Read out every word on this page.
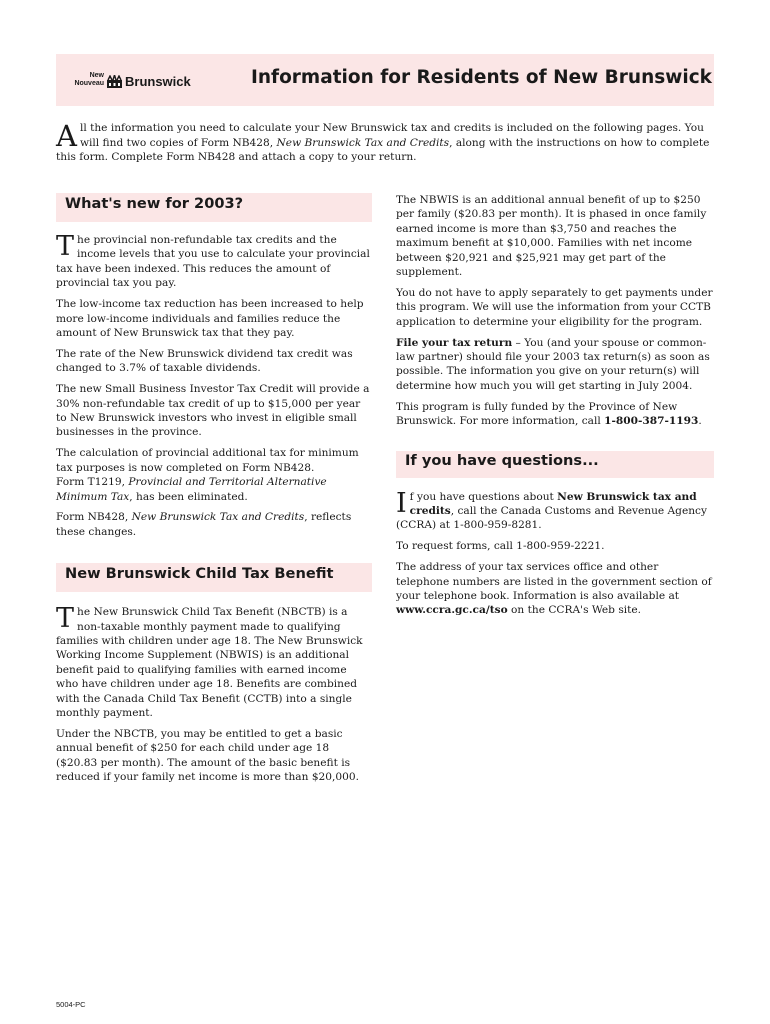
New
Nouveau Brunswick	Information for Residents of New Brunswick
All the information you need to calculate your New Brunswick tax and credits is included on the following pages. You will find two copies of Form NB428, New Brunswick Tax and Credits, along with the instructions on how to complete this form. Complete Form NB428 and attach a copy to your return.
What's new for 2003?

The provincial non-refundable tax credits and the income levels that you use to calculate your provincial tax have been indexed. This reduces the amount of provincial tax you pay.

The low-income tax reduction has been increased to help more low-income individuals and families reduce the amount of New Brunswick tax that they pay.

The rate of the New Brunswick dividend tax credit was changed to 3.7% of taxable dividends.

The new Small Business Investor Tax Credit will provide a 30% non-refundable tax credit of up to $15,000 per year to New Brunswick investors who invest in eligible small businesses in the province.

The calculation of provincial additional tax for minimum tax purposes is now completed on Form NB428.
Form T1219, Provincial and Territorial Alternative Minimum Tax, has been eliminated.

Form NB428, New Brunswick Tax and Credits, reflects these changes.

New Brunswick Child Tax Benefit

The New Brunswick Child Tax Benefit (NBCTB) is a non-taxable monthly payment made to qualifying families with children under age 18. The New Brunswick Working Income Supplement (NBWIS) is an additional benefit paid to qualifying families with earned income who have children under age 18. Benefits are combined with the Canada Child Tax Benefit (CCTB) into a single monthly payment.

Under the NBCTB, you may be entitled to get a basic annual benefit of $250 for each child under age 18 ($20.83 per month). The amount of the basic benefit is reduced if your family net income is more than $20,000.

The NBWIS is an additional annual benefit of up to $250 per family ($20.83 per month). It is phased in once family earned income is more than $3,750 and reaches the maximum benefit at $10,000. Families with net income between $20,921 and $25,921 may get part of the supplement.

You do not have to apply separately to get payments under this program. We will use the information from your CCTB application to determine your eligibility for the program.

File your tax return – You (and your spouse or common-law partner) should file your 2003 tax return(s) as soon as possible. The information you give on your return(s) will determine how much you will get starting in July 2004.

This program is fully funded by the Province of New Brunswick. For more information, call 1-800-387-1193.

If you have questions...

If you have questions about New Brunswick tax and credits, call the Canada Customs and Revenue Agency (CCRA) at 1-800-959-8281.

To request forms, call 1-800-959-2221.

The address of your tax services office and other telephone numbers are listed in the government section of your telephone book. Information is also available at www.ccra.gc.ca/tso on the CCRA's Web site.

5004-PC
